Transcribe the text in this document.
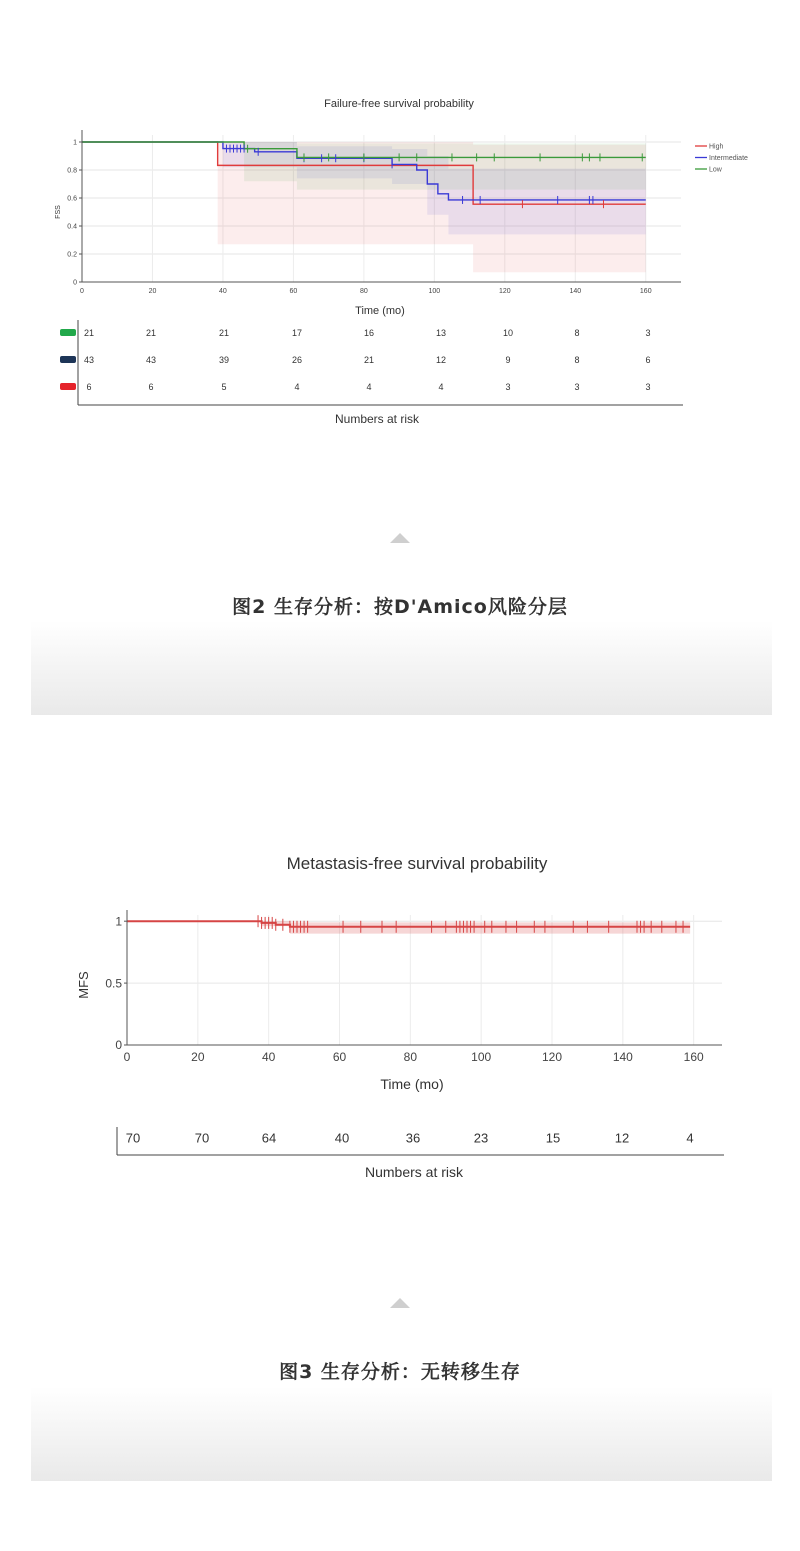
Failure-free survival probability
0	20	40	60	80	100	120	140	160
0
0.2
0.4
0.6
0.8
1
FSS
Time (mo)
High
Intermediate
Low
21	21	21	17	16	13	10	8	3
43	43	39	26	21	12	9	8	6
6	6	5	4	4	4	3	3	3
Numbers at risk
图2 生存分析：按D'Amico风险分层
Metastasis-free survival probability
0	20	40	60	80	100	120	140	160
0
0.5
1
MFS
Time (mo)
70	70	64	40	36	23	15	12	4
Numbers at risk
图3 生存分析：无转移生存
